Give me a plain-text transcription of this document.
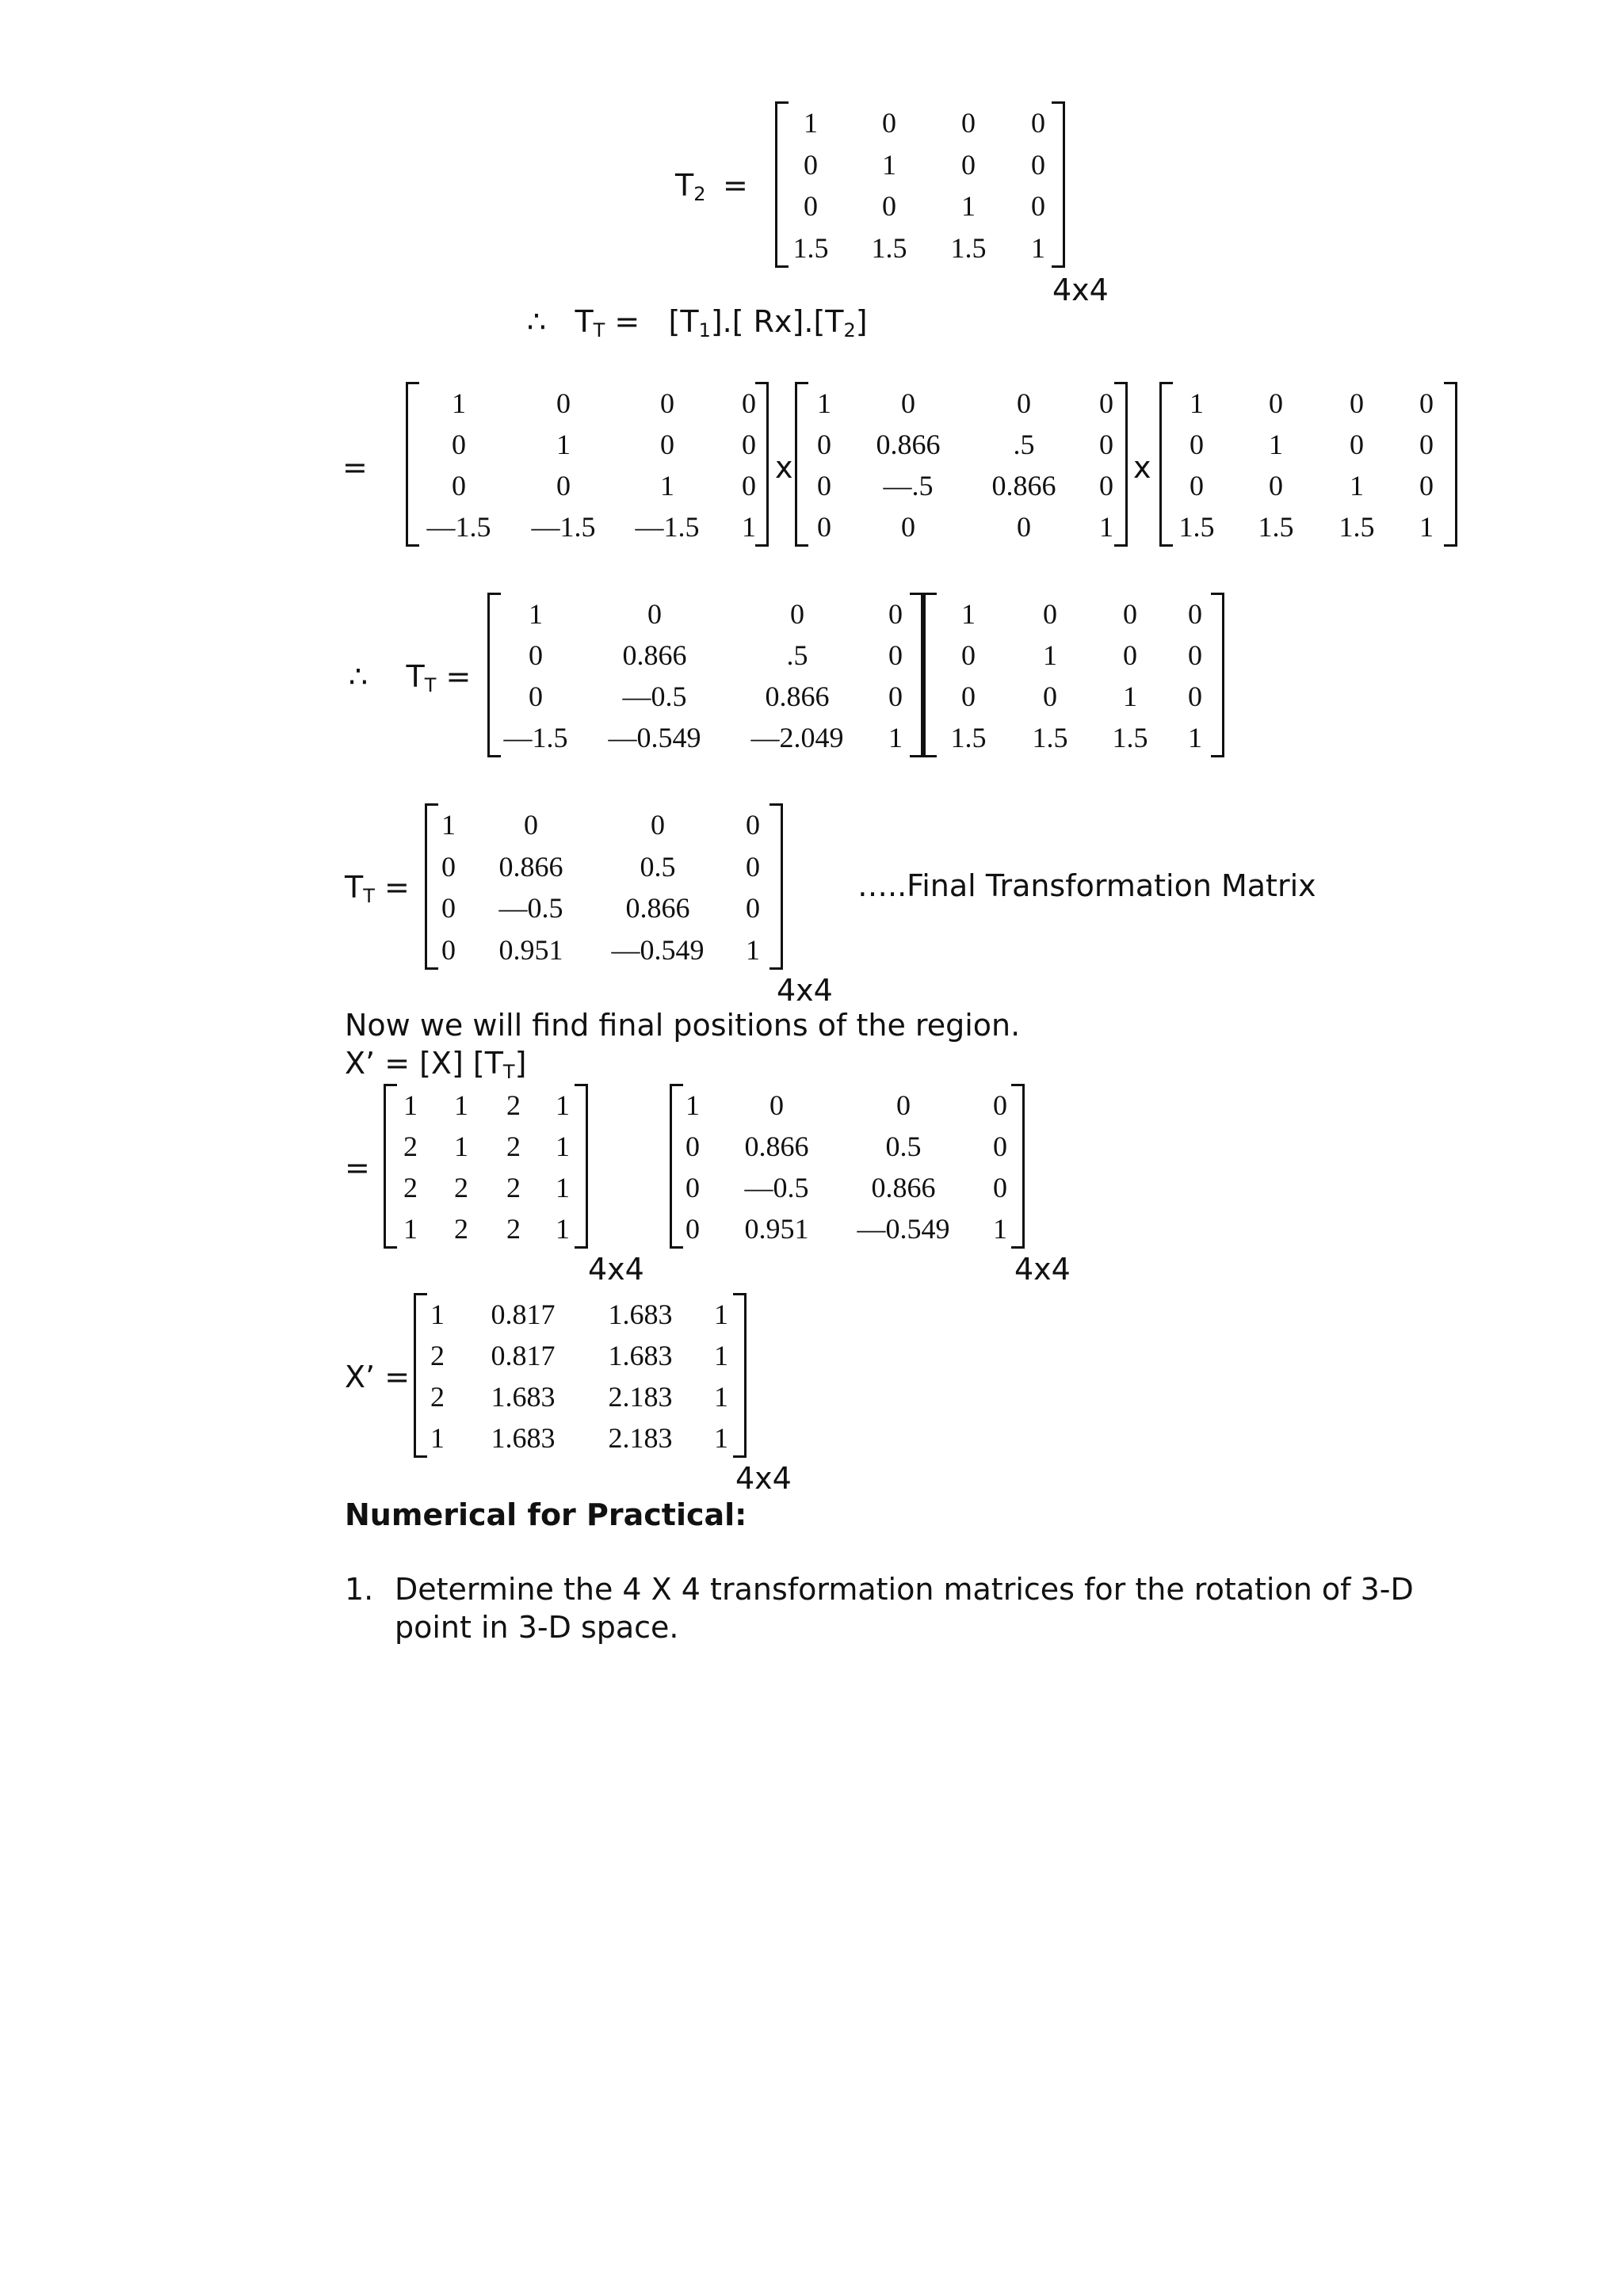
$T_2$ =
1 0 0 0
0 1 0 0
0 0 1 0
1.5 1.5 1.5 1
4x4
∴ $T_T = [T_1]$.[ $Rx].[T_2]$
=
1	0	0 0
0	1	0 0
0	0	1 0
—1.5 —1.5 —1.5 1
x
1 0	0 0
0 0.866	.5 0
0 —.5 0.866 0
0 0	0 1
x
1 0 0 0
0 1 0 0
0 0 1 0
1.5 1.5 1.5 1
∴ $T_T$ =
1	0	0	0
0	0.866	.5	0
0	—0.5	0.866 0
—1.5 —0.549 —2.049 1
1 0 0 0
0 1 0 0
0 0 1 0
1.5 1.5 1.5 1
$T_T$ =
1 0	0	0
0 0.866	0.5 0
0 —0.5 0.866 0
0 0.951 —0.549 1
…..Final Transformation Matrix
4x4
Now we will find final positions of the region.
X’ = [X] $[T_T]$
=
1 1 2 1
2 1 2 1
2 2 2 1
1 2 2 1
1 0	0	0
0 0.866	0.5	0
0 —0.5 0.866 0
0 0.951 —0.549 1
4x4	4x4
X’ =
1 0.817 1.683 1
2 0.817 1.683 1
2 1.683 2.183 1
1 1.683 2.183 1
4x4
Numerical for Practical:
1. Determine the 4 X 4 transformation matrices for the rotation of 3-D
point in 3-D space.
